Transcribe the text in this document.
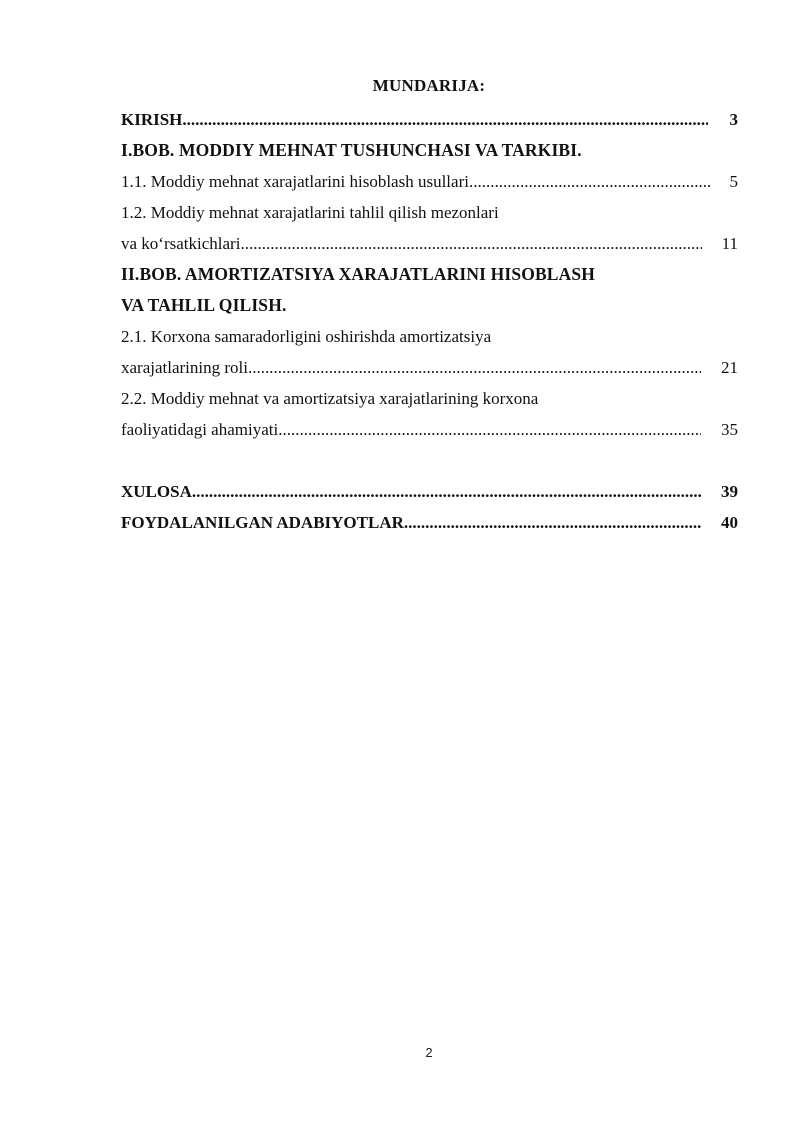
MUNDARIJA:
KIRISH .....	3
I.BOB. MODDIY MEHNAT TUSHUNCHASI VA TARKIBI.
1.1. Moddiy mehnat xarajatlarini hisoblash usullari .....	5
1.2. Moddiy mehnat xarajatlarini tahlil qilish mezonlari
va ko‘rsatkichlari .....	11
II.BOB. AMORTIZATSIYA XARAJATLARINI HISOBLASH
VA TAHLIL QILISH.
2.1. Korxona samaradorligini oshirishda amortizatsiya
xarajatlarining roli .....	21
2.2. Moddiy mehnat va amortizatsiya xarajatlarining korxona
faoliyatidagi ahamiyati .....	35
XULOSA .....	39
FOYDALANILGAN ADABIYOTLAR .....	40
2
